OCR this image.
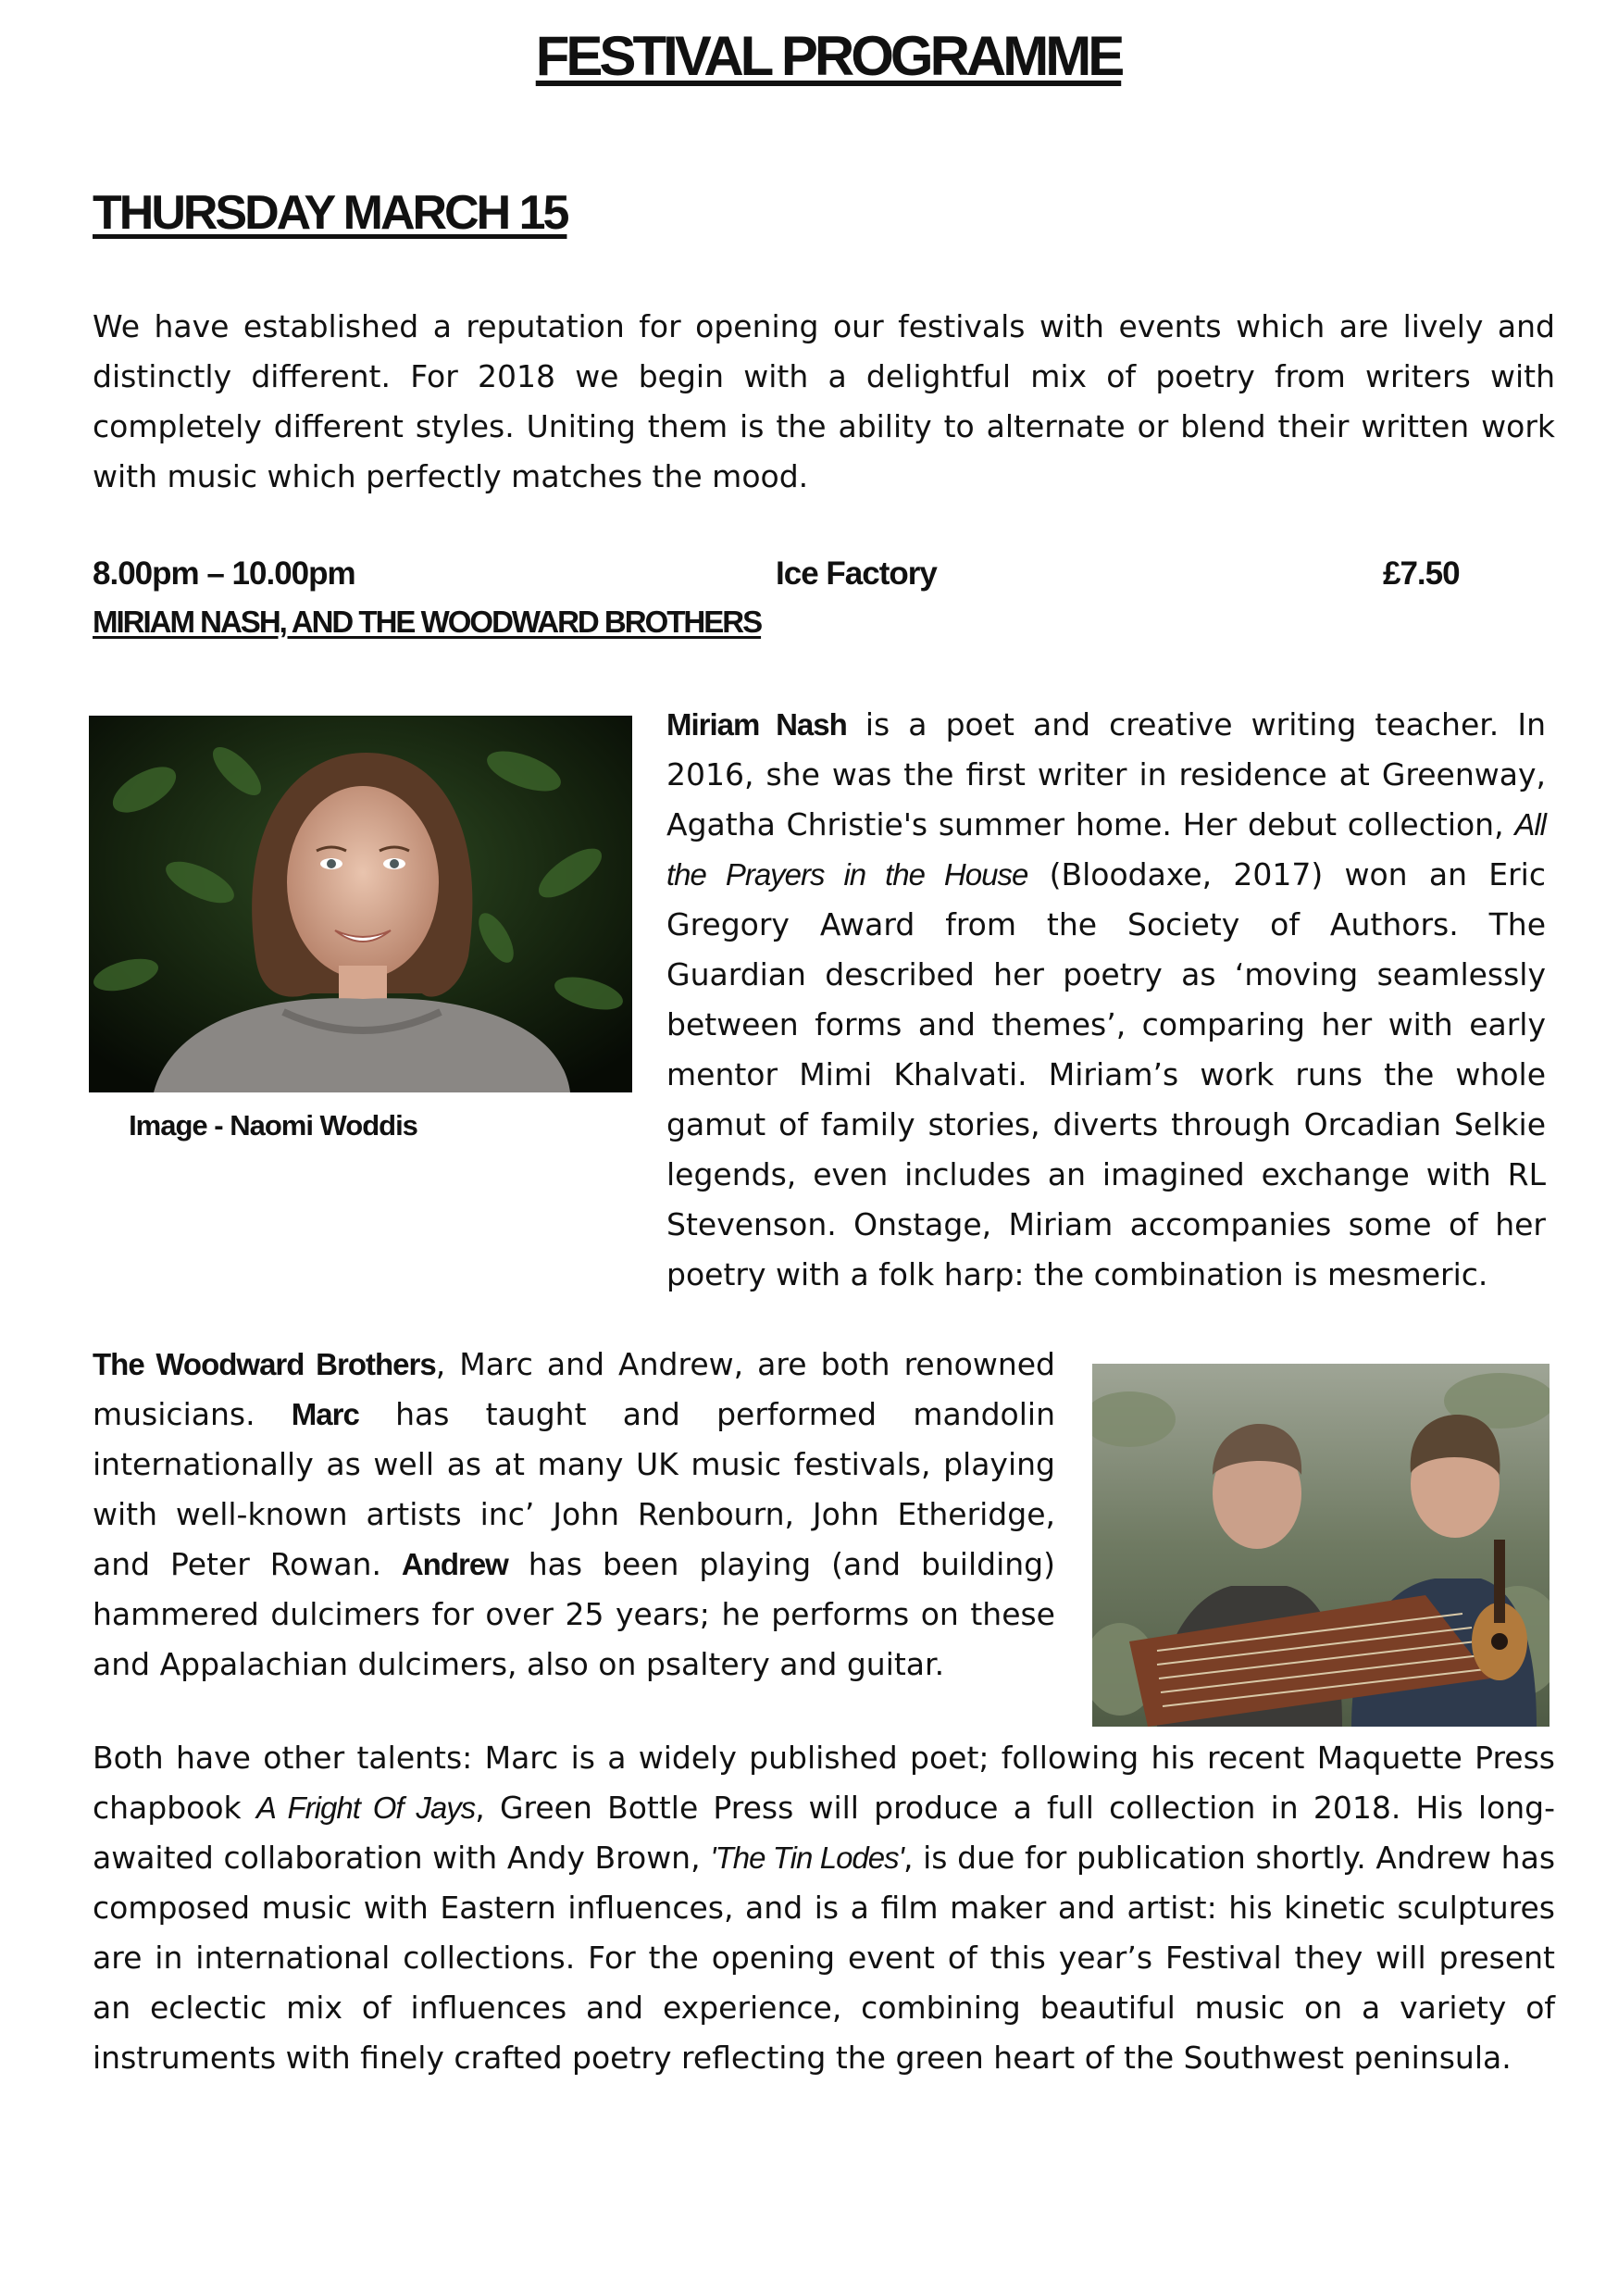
FESTIVAL PROGRAMME
THURSDAY MARCH 15

We have established a reputation for opening our festivals with events which are lively and distinctly different. For 2018 we begin with a delightful mix of poetry from writers with completely different styles. Uniting them is the ability to alternate or blend their written work with music which perfectly matches the mood.

8.00pm – 10.00pm	Ice Factory	£7.50
MIRIAM NASH, AND THE WOODWARD BROTHERS
Image - Naomi Woddis

Miriam Nash is a poet and creative writing teacher. In 2016, she was the first writer in residence at Greenway, Agatha Christie's summer home. Her debut collection, All the Prayers in the House (Bloodaxe, 2017) won an Eric Gregory Award from the Society of Authors. The Guardian described her poetry as ‘moving seamlessly between forms and themes’, comparing her with early mentor Mimi Khalvati. Miriam’s work runs the whole gamut of family stories, diverts through Orcadian Selkie legends, even includes an imagined exchange with RL Stevenson. Onstage, Miriam accompanies some of her poetry with a folk harp: the combination is mesmeric.

The Woodward Brothers, Marc and Andrew, are both renowned musicians. Marc has taught and performed mandolin internationally as well as at many UK music festivals, playing with well-known artists inc’ John Renbourn, John Etheridge, and Peter Rowan. Andrew has been playing (and building) hammered dulcimers for over 25 years; he performs on these and Appalachian dulcimers, also on psaltery and guitar.

Both have other talents: Marc is a widely published poet; following his recent Maquette Press chapbook A Fright Of Jays, Green Bottle Press will produce a full collection in 2018. His long-awaited collaboration with Andy Brown, 'The Tin Lodes', is due for publication shortly. Andrew has composed music with Eastern influences, and is a film maker and artist: his kinetic sculptures are in international collections. For the opening event of this year’s Festival they will present an eclectic mix of influences and experience, combining beautiful music on a variety of instruments with finely crafted poetry reflecting the green heart of the Southwest peninsula.
